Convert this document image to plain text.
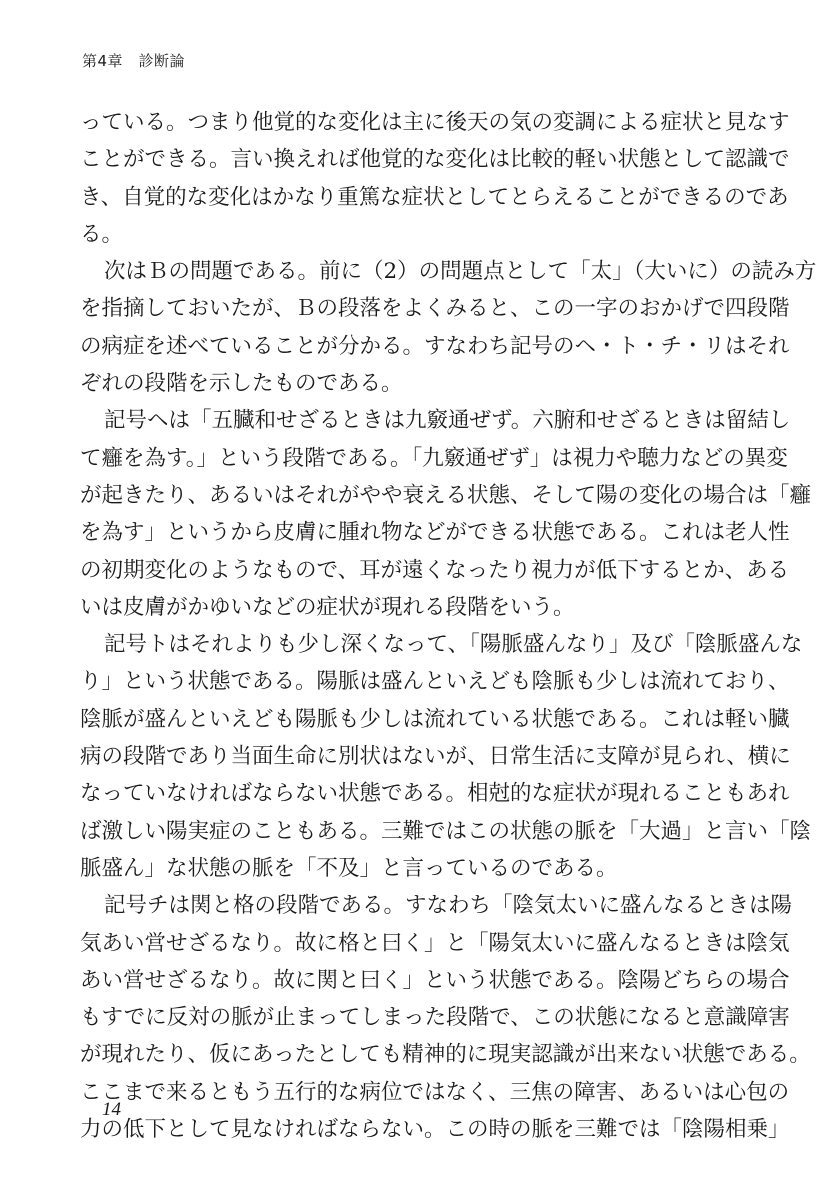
第4章　診断論
っている。つまり他覚的な変化は主に後天の気の変調による症状と見なす
ことができる。言い換えれば他覚的な変化は比較的軽い状態として認識で
き、自覚的な変化はかなり重篤な症状としてとらえることができるのであ
る。
次はＢの問題である。前に（2）の問題点として「太」（大いに）の読み方
を指摘しておいたが、Ｂの段落をよくみると、この一字のおかげで四段階
の病症を述べていることが分かる。すなわち記号のヘ・ト・チ・リはそれ
ぞれの段階を示したものである。
記号ヘは「五臓和せざるときは九竅通ぜず。六腑和せざるときは留結し
て癰を為す。」という段階である。「九竅通ぜず」は視力や聴力などの異変
が起きたり、あるいはそれがやや衰える状態、そして陽の変化の場合は「癰
を為す」というから皮膚に腫れ物などができる状態である。これは老人性
の初期変化のようなもので、耳が遠くなったり視力が低下するとか、ある
いは皮膚がかゆいなどの症状が現れる段階をいう。
記号トはそれよりも少し深くなって、「陽脈盛んなり」及び「陰脈盛んな
り」という状態である。陽脈は盛んといえども陰脈も少しは流れており、
陰脈が盛んといえども陽脈も少しは流れている状態である。これは軽い臓
病の段階であり当面生命に別状はないが、日常生活に支障が見られ、横に
なっていなければならない状態である。相尅的な症状が現れることもあれ
ば激しい陽実症のこともある。三難ではこの状態の脈を「大過」と言い「陰
脈盛ん」な状態の脈を「不及」と言っているのである。
記号チは関と格の段階である。すなわち「陰気太いに盛んなるときは陽
気あい営せざるなり。故に格と曰く」と「陽気太いに盛んなるときは陰気
あい営せざるなり。故に関と曰く」という状態である。陰陽どちらの場合
もすでに反対の脈が止まってしまった段階で、この状態になると意識障害
が現れたり、仮にあったとしても精神的に現実認識が出来ない状態である。
ここまで来るともう五行的な病位ではなく、三焦の障害、あるいは心包の
力の低下として見なければならない。この時の脈を三難では「陰陽相乗」
14
